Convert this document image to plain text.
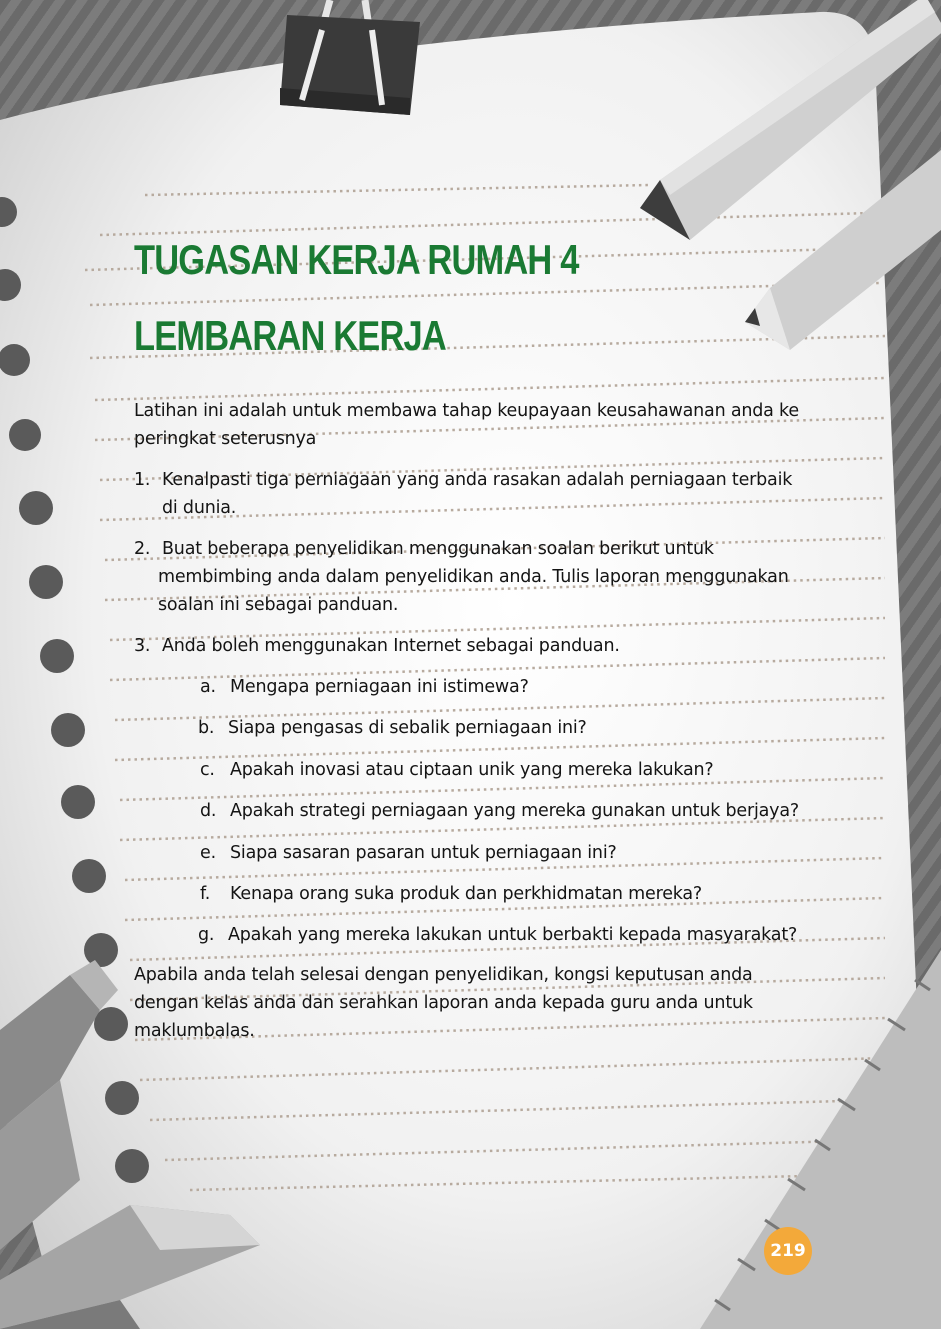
TUGASAN KERJA RUMAH 4
LEMBARAN KERJA

Latihan ini adalah untuk membawa tahap keupayaan keusahawanan anda ke peringkat seterusnya

1. Kenalpasti tiga perniagaan yang anda rasakan adalah perniagaan terbaik

di dunia.

2. Buat beberapa penyelidikan menggunakan soalan berikut untuk

membimbing anda dalam penyelidikan anda. Tulis laporan menggunakan

soalan ini sebagai panduan.

3. Anda boleh menggunakan Internet sebagai panduan.

a. Mengapa perniagaan ini istimewa?

b. Siapa pengasas di sebalik perniagaan ini?

c. Apakah inovasi atau ciptaan unik yang mereka lakukan?

d. Apakah strategi perniagaan yang mereka gunakan untuk berjaya?

e. Siapa sasaran pasaran untuk perniagaan ini?

f. Kenapa orang suka produk dan perkhidmatan mereka?

g. Apakah yang mereka lakukan untuk berbakti kepada masyarakat?

Apabila anda telah selesai dengan penyelidikan, kongsi keputusan anda

dengan kelas anda dan serahkan laporan anda kepada guru anda untuk

maklumbalas.

219
